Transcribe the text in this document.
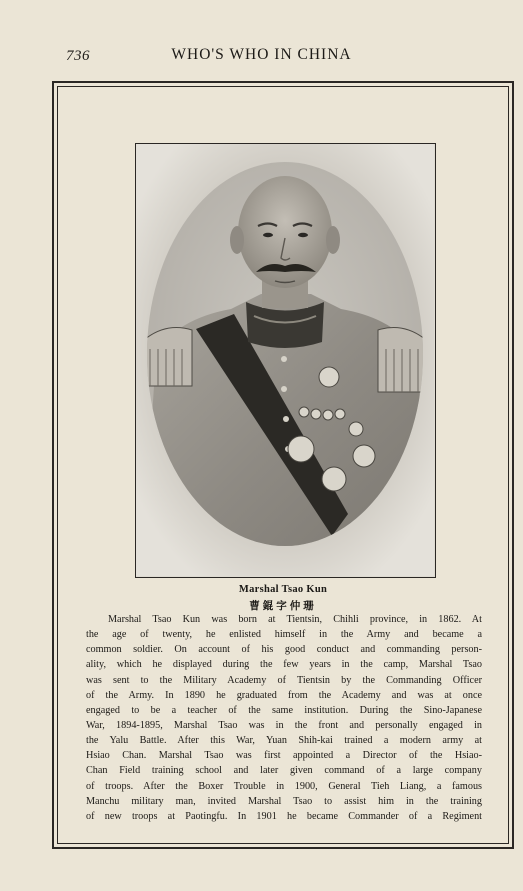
736	WHO'S WHO IN CHINA
Marshal Tsao Kun
曹錕字仲珊
Marshal Tsao Kun was born at Tientsin, Chihli province, in 1862. At
the age of twenty, he enlisted himself in the Army and became a
common soldier. On account of his good conduct and commanding person-
ality, which he displayed during the few years in the camp, Marshal Tsao
was sent to the Military Academy of Tientsin by the Commanding Officer
of the Army. In 1890 he graduated from the Academy and was at once
engaged to be a teacher of the same institution. During the Sino-Japanese
War, 1894-1895, Marshal Tsao was in the front and personally engaged in
the Yalu Battle. After this War, Yuan Shih-kai trained a modern army at
Hsiao Chan. Marshal Tsao was first appointed a Director of the Hsiao-
Chan Field training school and later given command of a large company
of troops. After the Boxer Trouble in 1900, General Tieh Liang, a famous
Manchu military man, invited Marshal Tsao to assist him in the training
of new troops at Paotingfu. In 1901 he became Commander of a Regiment
